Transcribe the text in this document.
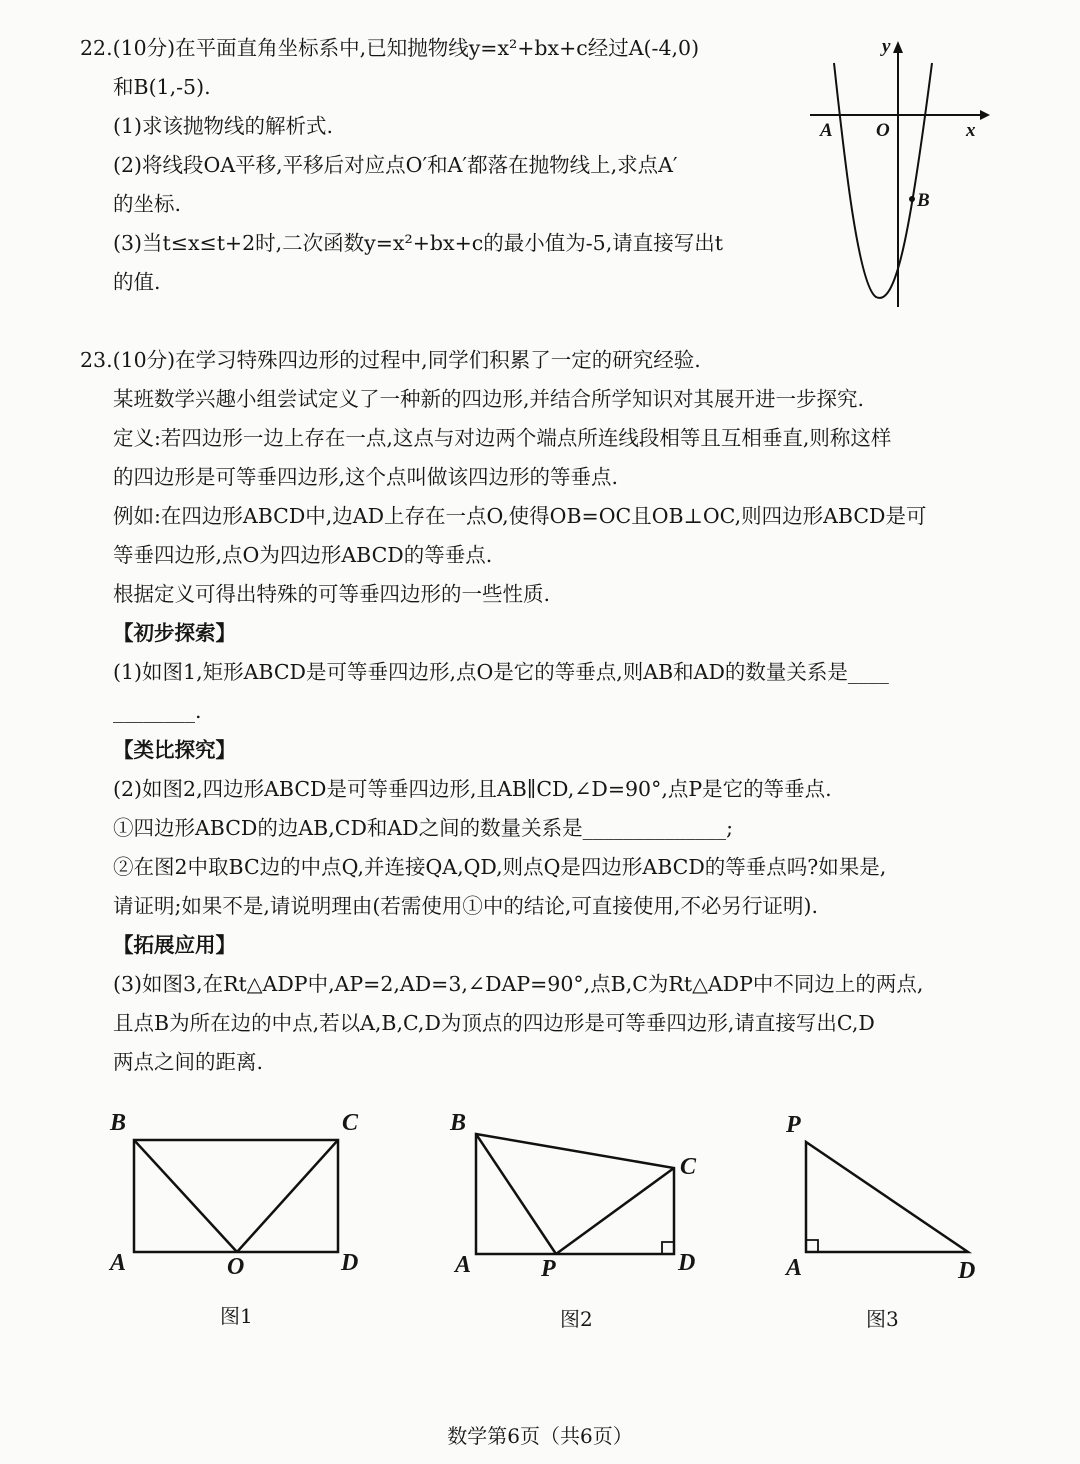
22.(10分)在平面直角坐标系中,已知抛物线y=x²+bx+c经过A(-4,0)
和B(1,-5).
(1)求该抛物线的解析式.
(2)将线段OA平移,平移后对应点O′和A′都落在抛物线上,求点A′
的坐标.
(3)当t≤x≤t+2时,二次函数y=x²+bx+c的最小值为-5,请直接写出t
的值.
y
x
A O
B
23.(10分)在学习特殊四边形的过程中,同学们积累了一定的研究经验.
某班数学兴趣小组尝试定义了一种新的四边形,并结合所学知识对其展开进一步探究.
定义:若四边形一边上存在一点,这点与对边两个端点所连线段相等且互相垂直,则称这样
的四边形是可等垂四边形,这个点叫做该四边形的等垂点.
例如:在四边形ABCD中,边AD上存在一点O,使得OB=OC且OB⊥OC,则四边形ABCD是可
等垂四边形,点O为四边形ABCD的等垂点.
根据定义可得出特殊的可等垂四边形的一些性质.
【初步探索】
(1)如图1,矩形ABCD是可等垂四边形,点O是它的等垂点,则AB和AD的数量关系是____
________.
【类比探究】
(2)如图2,四边形ABCD是可等垂四边形,且AB∥CD,∠D=90°,点P是它的等垂点.
①四边形ABCD的边AB,CD和AD之间的数量关系是______________;
②在图2中取BC边的中点Q,并连接QA,QD,则点Q是四边形ABCD的等垂点吗?如果是,
请证明;如果不是,请说明理由(若需使用①中的结论,可直接使用,不必另行证明).
【拓展应用】
(3)如图3,在Rt△ADP中,AP=2,AD=3,∠DAP=90°,点B,C为Rt△ADP中不同边上的两点,
且点B为所在边的中点,若以A,B,C,D为顶点的四边形是可等垂四边形,请直接写出C,D
两点之间的距离.
B	C
A	O	D
图1
B
C
A	P	D
图2
P
A	D
图3
数学第6页（共6页）
